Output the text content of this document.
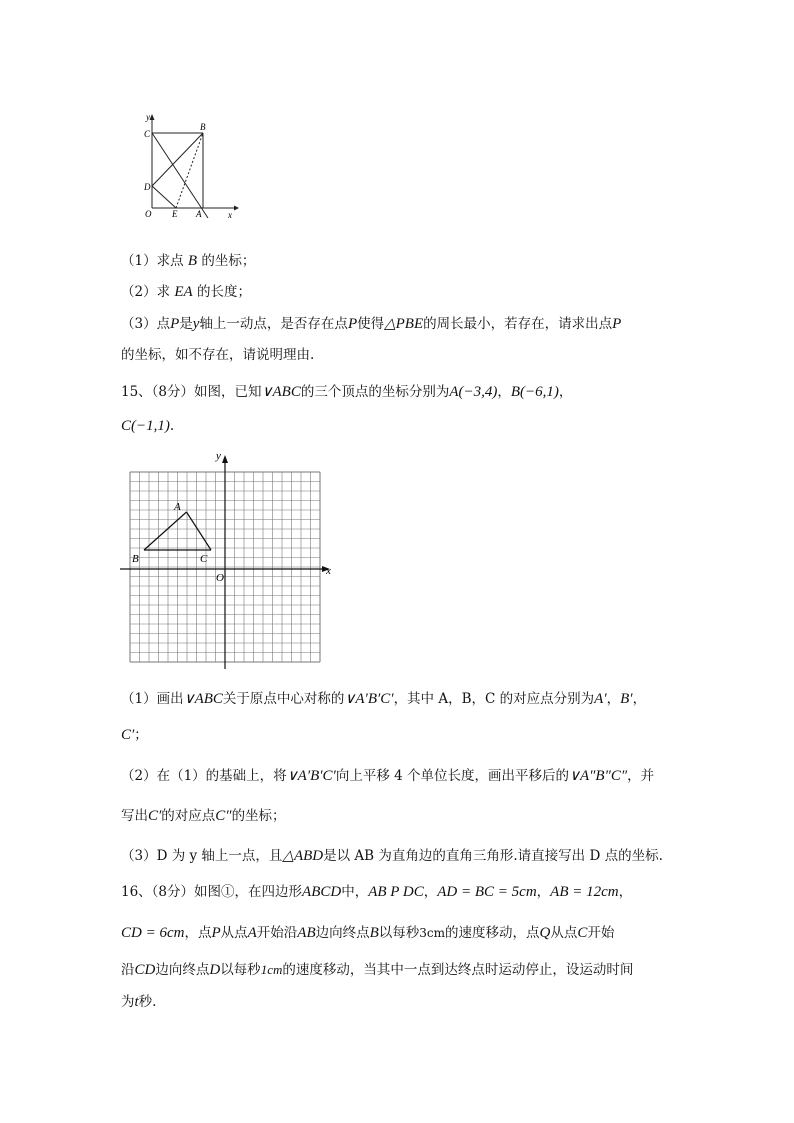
y
x
O
C
B
D
E A
（1）求点 B 的坐标；
（2）求 EA 的长度；
（3）点P是y轴上一动点，是否存在点P使得△PBE的周长最小，若存在，请求出点P
的坐标，如不存在，请说明理由.
15、（8分）如图，已知∨ABC的三个顶点的坐标分别为A(−3,4)，B(−6,1)，
C(−1,1).
y
x
O
A
B	C
（1）画出∨ABC关于原点中心对称的∨A′B′C′，其中 A，B，C 的对应点分别为A′，B′，
C′；
（2）在（1）的基础上，将∨A′B′C′向上平移 4 个单位长度，画出平移后的∨A″B″C″，并
写出C′的对应点C″的坐标；
（3）D 为 y 轴上一点，且△ABD是以 AB 为直角边的直角三角形.请直接写出 D 点的坐标.
16、（8分）如图①，在四边形ABCD中，AB P DC，AD = BC = 5cm，AB = 12cm，
CD = 6cm，点P从点A开始沿AB边向终点B以每秒3cm的速度移动，点Q从点C开始
沿CD边向终点D以每秒1cm的速度移动，当其中一点到达终点时运动停止，设运动时间
为t秒.
